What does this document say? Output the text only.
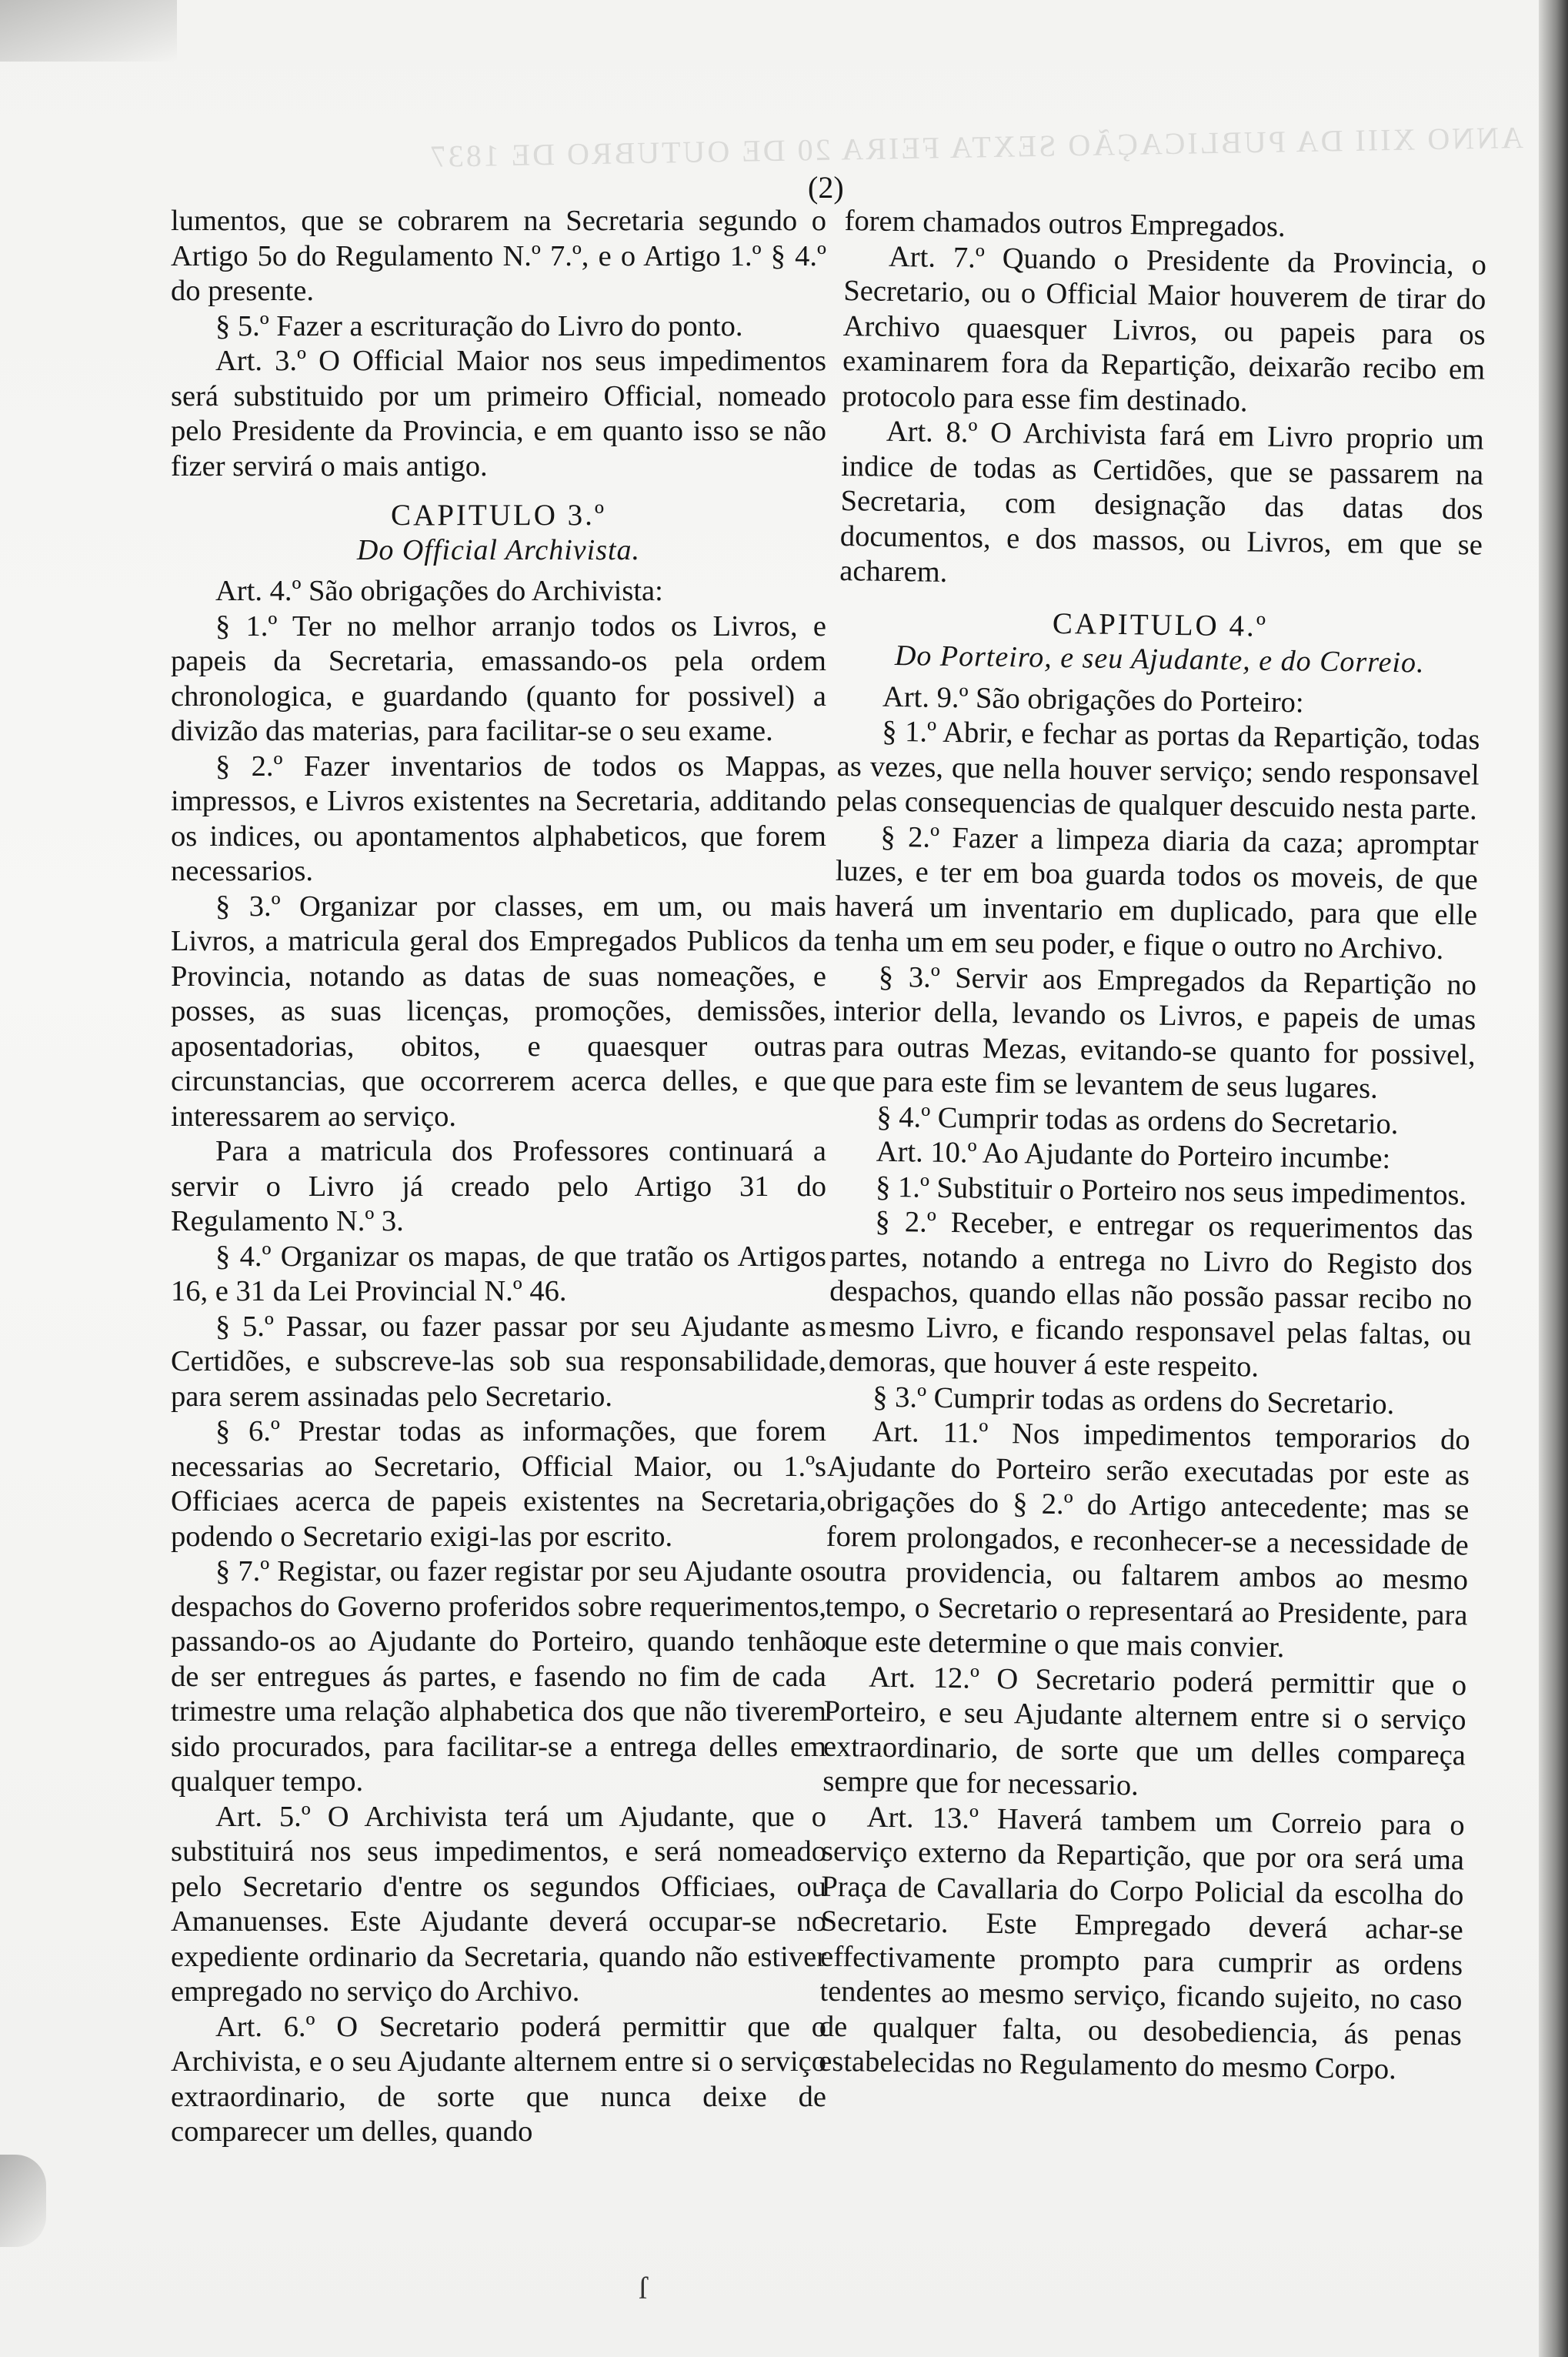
ANNO XIII DA PUBLICAÇÃO SEXTA FEIRA 20 DE OUTUBRO DE 1837
(2)

lumentos, que se cobrarem na Secretaria segundo o Artigo 5o do Regulamento N.º 7.º, e o Artigo 1.º § 4.º do presente.

§ 5.º Fazer a escrituração do Livro do ponto.

Art. 3.º O Official Maior nos seus impedimentos será substituido por um primeiro Official, nomeado pelo Presidente da Provincia, e em quanto isso se não fizer servirá o mais antigo.

CAPITULO 3.º
Do Official Archivista.

Art. 4.º São obrigações do Archivista:

§ 1.º Ter no melhor arranjo todos os Livros, e papeis da Secretaria, emassando-os pela ordem chronologica, e guardando (quanto for possivel) a divizão das materias, para facilitar-se o seu exame.

§ 2.º Fazer inventarios de todos os Mappas, impressos, e Livros existentes na Secretaria, additando os indices, ou apontamentos alphabeticos, que forem necessarios.

§ 3.º Organizar por classes, em um, ou mais Livros, a matricula geral dos Empregados Publicos da Provincia, notando as datas de suas nomeações, e posses, as suas licenças, promoções, demissões, aposentadorias, obitos, e quaesquer outras circunstancias, que occorrerem acerca delles, e que interessarem ao serviço.

Para a matricula dos Professores continuará a servir o Livro já creado pelo Artigo 31 do Regulamento N.º 3.

§ 4.º Organizar os mapas, de que tratão os Artigos 16, e 31 da Lei Provincial N.º 46.

§ 5.º Passar, ou fazer passar por seu Ajudante as Certidões, e subscreve-las sob sua responsabilidade, para serem assinadas pelo Secretario.

§ 6.º Prestar todas as informações, que forem necessarias ao Secretario, Official Maior, ou 1.ºs Officiaes acerca de papeis existentes na Secretaria, podendo o Secretario exigi-las por escrito.

§ 7.º Registar, ou fazer registar por seu Ajudante os despachos do Governo proferidos sobre requerimentos, passando-os ao Ajudante do Porteiro, quando tenhão de ser entregues ás partes, e fasendo no fim de cada trimestre uma relação alphabetica dos que não tiverem sido procurados, para facilitar-se a entrega delles em qualquer tempo.

Art. 5.º O Archivista terá um Ajudante, que o substituirá nos seus impedimentos, e será nomeado pelo Secretario d'entre os segundos Officiaes, ou Amanuenses. Este Ajudante deverá occupar-se no expediente ordinario da Secretaria, quando não estiver empregado no serviço do Archivo.

Art. 6.º O Secretario poderá permittir que o Archivista, e o seu Ajudante alternem entre si o serviço extraordinario, de sorte que nunca deixe de comparecer um delles, quando

forem chamados outros Empregados.

Art. 7.º Quando o Presidente da Provincia, o Secretario, ou o Official Maior houverem de tirar do Archivo quaesquer Livros, ou papeis para os examinarem fora da Repartição, deixarão recibo em protocolo para esse fim destinado.

Art. 8.º O Archivista fará em Livro proprio um indice de todas as Certidões, que se passarem na Secretaria, com designação das datas dos documentos, e dos massos, ou Livros, em que se acharem.

CAPITULO 4.º
Do Porteiro, e seu Ajudante, e do Correio.

Art. 9.º São obrigações do Porteiro:

§ 1.º Abrir, e fechar as portas da Repartição, todas as vezes, que nella houver serviço; sendo responsavel pelas consequencias de qualquer descuido nesta parte.

§ 2.º Fazer a limpeza diaria da caza; apromptar luzes, e ter em boa guarda todos os moveis, de que haverá um inventario em duplicado, para que elle tenha um em seu poder, e fique o outro no Archivo.

§ 3.º Servir aos Empregados da Repartição no interior della, levando os Livros, e papeis de umas para outras Mezas, evitando-se quanto for possivel, que para este fim se levantem de seus lugares.

§ 4.º Cumprir todas as ordens do Secretario.

Art. 10.º Ao Ajudante do Porteiro incumbe:

§ 1.º Substituir o Porteiro nos seus impedimentos.

§ 2.º Receber, e entregar os requerimentos das partes, notando a entrega no Livro do Registo dos despachos, quando ellas não possão passar recibo no mesmo Livro, e ficando responsavel pelas faltas, ou demoras, que houver á este respeito.

§ 3.º Cumprir todas as ordens do Secretario.

Art. 11.º Nos impedimentos temporarios do Ajudante do Porteiro serão executadas por este as obrigações do § 2.º do Artigo antecedente; mas se forem prolongados, e reconhecer-se a necessidade de outra providencia, ou faltarem ambos ao mesmo tempo, o Secretario o representará ao Presidente, para que este determine o que mais convier.

Art. 12.º O Secretario poderá permittir que o Porteiro, e seu Ajudante alternem entre si o serviço extraordinario, de sorte que um delles compareça sempre que for necessario.

Art. 13.º Haverá tambem um Correio para o serviço externo da Repartição, que por ora será uma Praça de Cavallaria do Corpo Policial da escolha do Secretario. Este Empregado deverá achar-se effectivamente prompto para cumprir as ordens tendentes ao mesmo serviço, ficando sujeito, no caso de qualquer falta, ou desobediencia, ás penas estabelecidas no Regulamento do mesmo Corpo.

ſ
